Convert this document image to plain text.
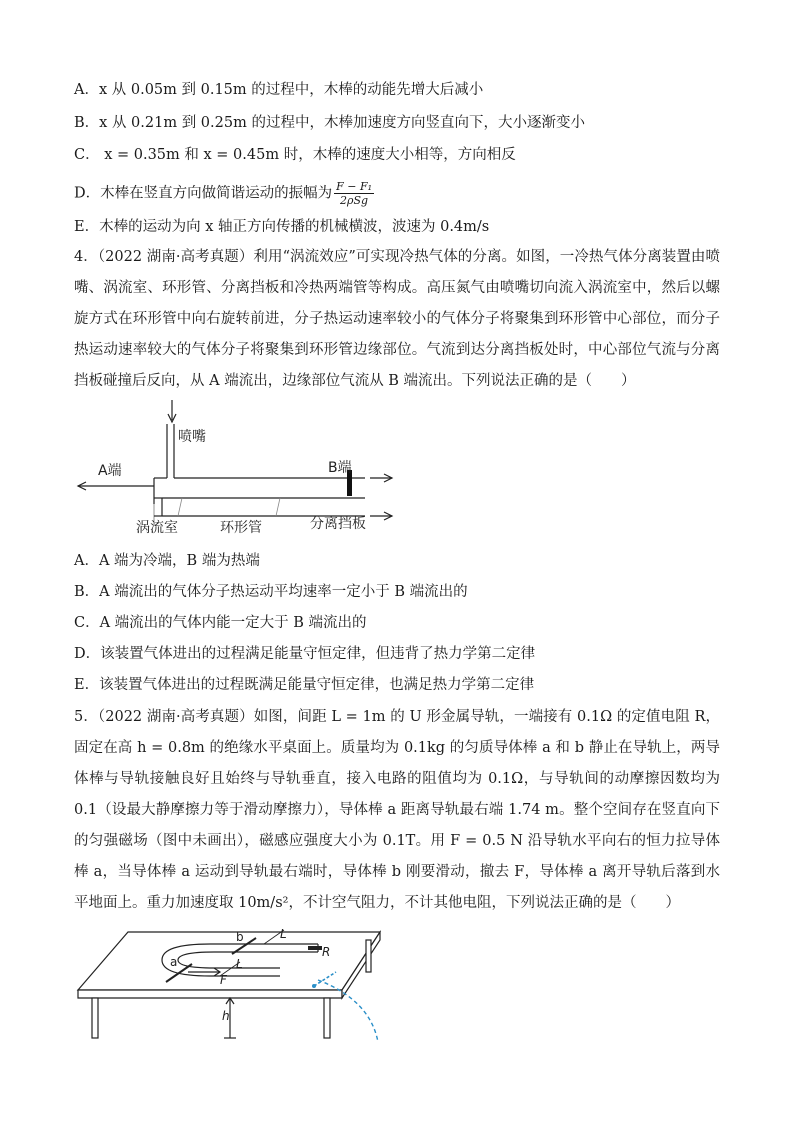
A．x 从 0.05m 到 0.15m 的过程中，木棒的动能先增大后减小
B．x 从 0.21m 到 0.25m 的过程中，木棒加速度方向竖直向下，大小逐渐变小
C． x = 0.35m 和 x = 0.45m 时，木棒的速度大小相等，方向相反
D．木棒在竖直方向做简谐运动的振幅为 $\frac{\text{F − F₁}}{\text{2ρSg}}$
E．木棒的运动为向 x 轴正方向传播的机械横波，波速为 0.4m/s
4．（2022 湖南·高考真题）利用“涡流效应”可实现冷热气体的分离。如图，一冷热气体分离装置由喷嘴、涡流室、环形管、分离挡板和冷热两端管等构成。高压氮气由喷嘴切向流入涡流室中，然后以螺旋方式在环形管中向右旋转前进，分子热运动速率较小的气体分子将聚集到环形管中心部位，而分子热运动速率较大的气体分子将聚集到环形管边缘部位。气流到达分离挡板处时，中心部位气流与分离挡板碰撞后反向，从 A 端流出，边缘部位气流从 B 端流出。下列说法正确的是（　　）
喷嘴
A端	B端
涡流室	环形管	分离挡板
A．A 端为冷端，B 端为热端
B．A 端流出的气体分子热运动平均速率一定小于 B 端流出的
C．A 端流出的气体内能一定大于 B 端流出的
D．该装置气体进出的过程满足能量守恒定律，但违背了热力学第二定律
E．该装置气体进出的过程既满足能量守恒定律，也满足热力学第二定律
5．（2022 湖南·高考真题）如图，间距 L = 1m 的 U 形金属导轨，一端接有 0.1Ω 的定值电阻 R，固定在高 h = 0.8m 的绝缘水平桌面上。质量均为 0.1kg 的匀质导体棒 a 和 b 静止在导轨上，两导体棒与导轨接触良好且始终与导轨垂直，接入电路的阻值均为 0.1Ω，与导轨间的动摩擦因数均为 0.1（设最大静摩擦力等于滑动摩擦力），导体棒 a 距离导轨最右端 1.74 m。整个空间存在竖直向下的匀强磁场（图中未画出），磁感应强度大小为 0.1T。用 F = 0.5 N 沿导轨水平向右的恒力拉导体棒 a，当导体棒 a 运动到导轨最右端时，导体棒 b 刚要滑动，撤去 F，导体棒 a 离开导轨后落到水平地面上。重力加速度取 10m/s²，不计空气阻力，不计其他电阻，下列说法正确的是（　　）
a
b
F
L
L
R
h
